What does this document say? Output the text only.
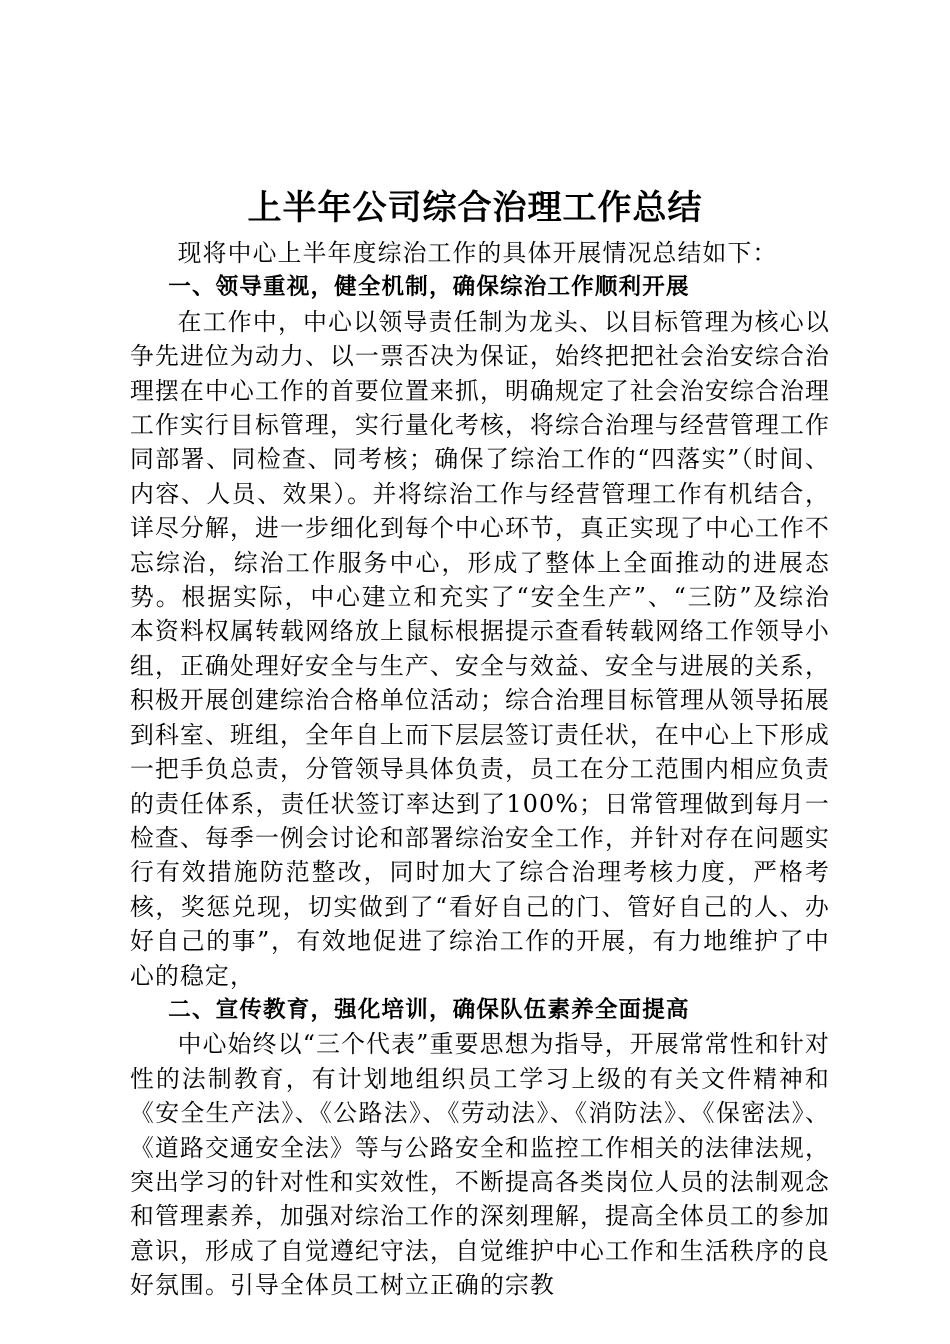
上半年公司综合治理工作总结

现将中心上半年度综治工作的具体开展情况总结如下：

一、领导重视，健全机制，确保综治工作顺利开展

在工作中，中心以领导责任制为龙头、以目标管理为核心以争先进位为动力、以一票否决为保证，始终把把社会治安综合治理摆在中心工作的首要位置来抓，明确规定了社会治安综合治理工作实行目标管理，实行量化考核，将综合治理与经营管理工作同部署、同检查、同考核；确保了综治工作的“四落实”（时间、内容、人员、效果）。并将综治工作与经营管理工作有机结合，详尽分解，进一步细化到每个中心环节，真正实现了中心工作不忘综治，综治工作服务中心，形成了整体上全面推动的进展态势。根据实际，中心建立和充实了“安全生产”、“三防”及综治本资料权属转载网络放上鼠标根据提示查看转载网络工作领导小组，正确处理好安全与生产、安全与效益、安全与进展的关系，积极开展创建综治合格单位活动；综合治理目标管理从领导拓展到科室、班组，全年自上而下层层签订责任状，在中心上下形成一把手负总责，分管领导具体负责，员工在分工范围内相应负责的责任体系，责任状签订率达到了100%；日常管理做到每月一检查、每季一例会讨论和部署综治安全工作，并针对存在问题实行有效措施防范整改，同时加大了综合治理考核力度，严格考核，奖惩兑现，切实做到了“看好自己的门、管好自己的人、办好自己的事”，有效地促进了综治工作的开展，有力地维护了中心的稳定，

二、宣传教育，强化培训，确保队伍素养全面提高

中心始终以“三个代表”重要思想为指导，开展常常性和针对性的法制教育，有计划地组织员工学习上级的有关文件精神和《安全生产法》、《公路法》、《劳动法》、《消防法》、《保密法》、《道路交通安全法》等与公路安全和监控工作相关的法律法规，突出学习的针对性和实效性，不断提高各类岗位人员的法制观念和管理素养，加强对综治工作的深刻理解，提高全体员工的参加意识，形成了自觉遵纪守法，自觉维护中心工作和生活秩序的良好氛围。引导全体员工树立正确的宗教
